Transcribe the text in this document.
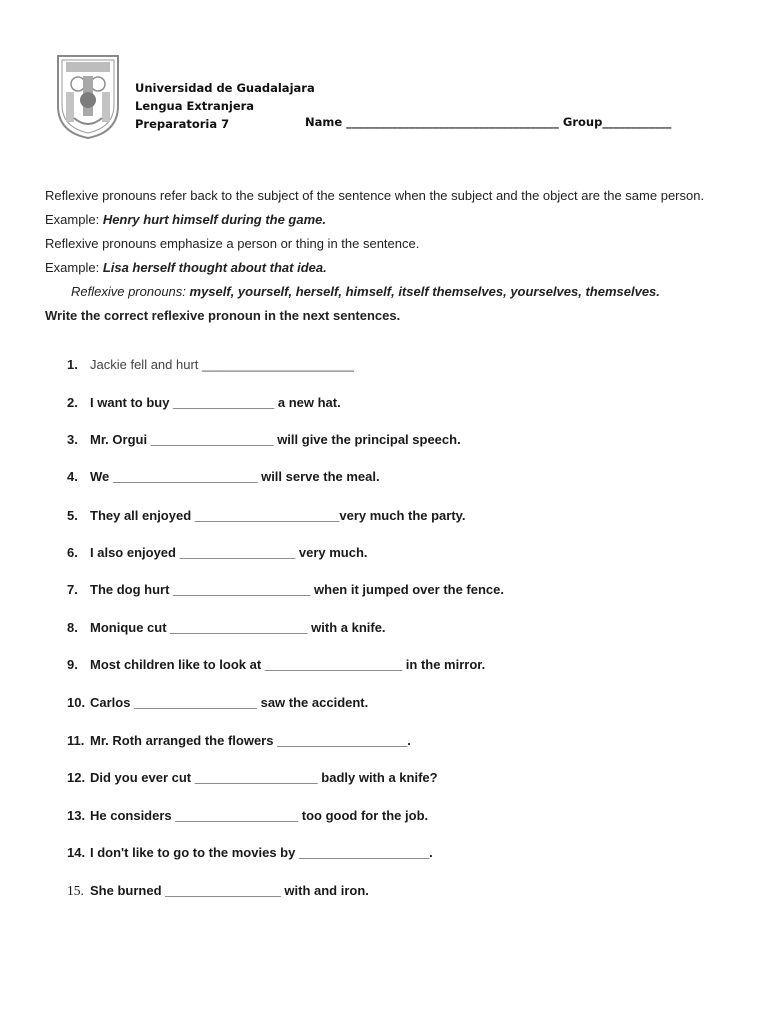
Universidad de Guadalajara
Lengua Extranjera
Preparatoria 7	Name _____________________________________ Group____________

Reflexive pronouns refer back to the subject of the sentence when the subject and the object are the same person.

Example: Henry hurt himself during the game.

Reflexive pronouns emphasize a person or thing in the sentence.

Example: Lisa herself thought about that idea.

Reflexive pronouns: myself, yourself, herself, himself, itself themselves, yourselves, themselves.

Write the correct reflexive pronoun in the next sentences.

1. Jackie fell and hurt _____________________
2. I want to buy ______________ a new hat.
3. Mr. Orgui _________________ will give the principal speech.
4. We ____________________ will serve the meal.
5. They all enjoyed ____________________very much the party.
6. I also enjoyed ________________ very much.
7. The dog hurt ___________________ when it jumped over the fence.
8. Monique cut ___________________ with a knife.
9. Most children like to look at ___________________ in the mirror.
10. Carlos _________________ saw the accident.
11. Mr. Roth arranged the flowers __________________.
12. Did you ever cut _________________ badly with a knife?
13. He considers _________________ too good for the job.
14. I don't like to go to the movies by __________________.
15. She burned ________________ with and iron.
